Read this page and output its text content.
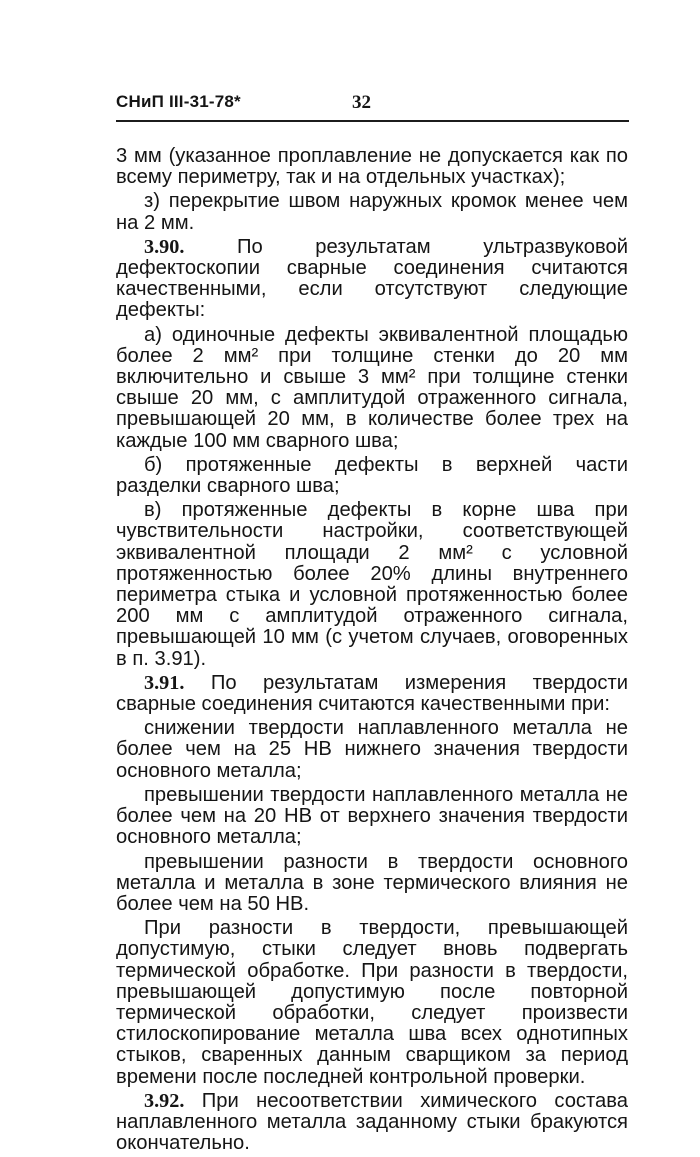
СНиП III-31-78*	32

3 мм (указанное проплавление не допускается как по всему периметру, так и на отдельных участках);

з) перекрытие швом наружных кромок менее чем на 2 мм.

3.90.	По результатам ультразвуковой дефектоскопии сварные соединения считаются качественными, если отсутствуют следующие дефекты:

а) одиночные дефекты эквивалентной площадью более 2 мм² при толщине стенки до 20 мм включительно и свыше 3 мм² при толщине стенки свыше 20 мм, с амплитудой отраженного сигнала, превышающей 20 мм, в количестве более трех на каждые 100 мм сварного шва;

б) протяженные дефекты в верхней части разделки сварного шва;

в) протяженные дефекты в корне шва при чувствительности настройки, соответствующей эквивалентной площади 2 мм² с условной протяженностью более 20% длины внутреннего периметра стыка и условной протяженностью более 200 мм с амплитудой отраженного сигнала, превышающей 10 мм (с учетом случаев, оговоренных в п. 3.91).

3.91. По результатам измерения твердости сварные соединения считаются качественными при:

снижении твердости наплавленного металла не более чем на 25 НВ нижнего значения твердости основного металла;

превышении твердости наплавленного металла не более чем на 20 НВ от верхнего значения твердости основного металла;

превышении разности в твердости основного металла и металла в зоне термического влияния не более чем на 50 НВ.

При разности в твердости, превышающей допустимую, стыки следует вновь подвергать термической обработке. При разности в твердости, превышающей допустимую после повторной термической обработки, следует произвести стилоскопирование металла шва всех однотипных стыков, сваренных данным сварщиком за период времени после последней контрольной проверки.

3.92. При несоответствии химического состава наплавленного металла заданному стыки бракуются окончательно.
